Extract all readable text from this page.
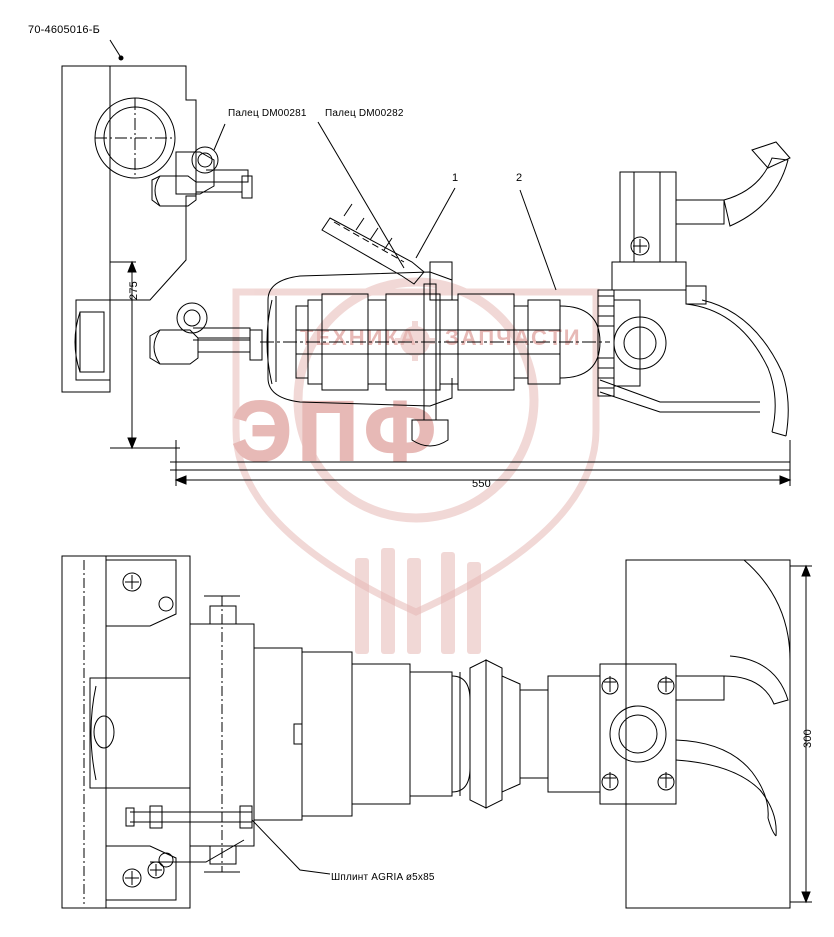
ТЕХНИКА ЗАПЧАСТИ
ЭПФ
70-4605016-Б
Палец DM00281 Палец DM00282
1	2
Шплинт AGRIA ø5x85
275
550
300
